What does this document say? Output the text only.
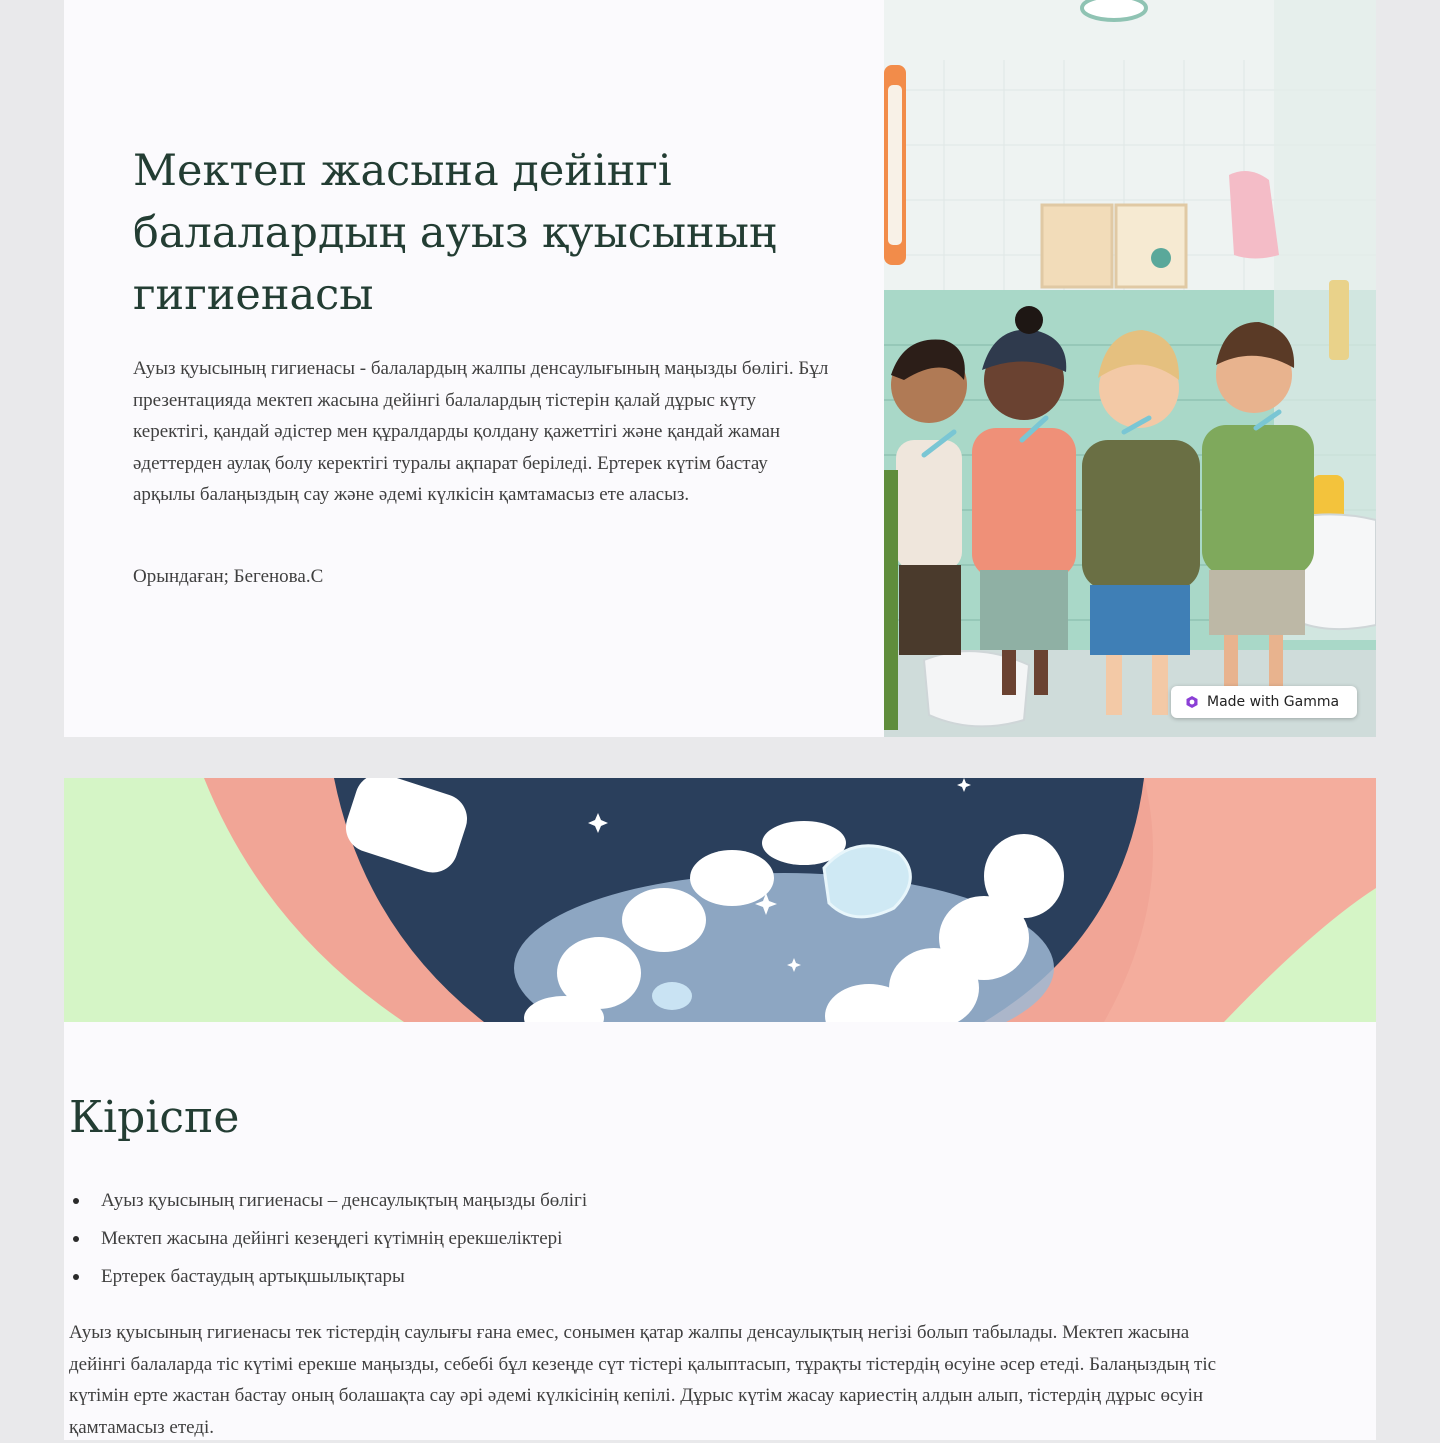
Мектеп жасына дейінгі балалардың ауыз қуысының гигиенасы

Ауыз қуысының гигиенасы - балалардың жалпы денсаулығының маңызды бөлігі. Бұл презентацияда мектеп жасына дейінгі балалардың тістерін қалай дұрыс күту керектігі, қандай әдістер мен құралдарды қолдану қажеттігі және қандай жаман әдеттерден аулақ болу керектігі туралы ақпарат беріледі. Ертерек күтім бастау арқылы балаңыздың сау және әдемі күлкісін қамтамасыз ете аласыз.

Орындаған; Бегенова.С

Made with Gamma
Кіріспе
Ауыз қуысының гигиенасы – денсаулықтың маңызды бөлігі
Мектеп жасына дейінгі кезеңдегі күтімнің ерекшеліктері
Ертерек бастаудың артықшылықтары

Ауыз қуысының гигиенасы тек тістердің саулығы ғана емес, сонымен қатар жалпы денсаулықтың негізі болып табылады. Мектеп жасына дейінгі балаларда тіс күтімі ерекше маңызды, себебі бұл кезеңде сүт тістері қалыптасып, тұрақты тістердің өсуіне әсер етеді. Балаңыздың тіс күтімін ерте жастан бастау оның болашақта сау әрі әдемі күлкісінің кепілі. Дұрыс күтім жасау кариестің алдын алып, тістердің дұрыс өсуін қамтамасыз етеді.
